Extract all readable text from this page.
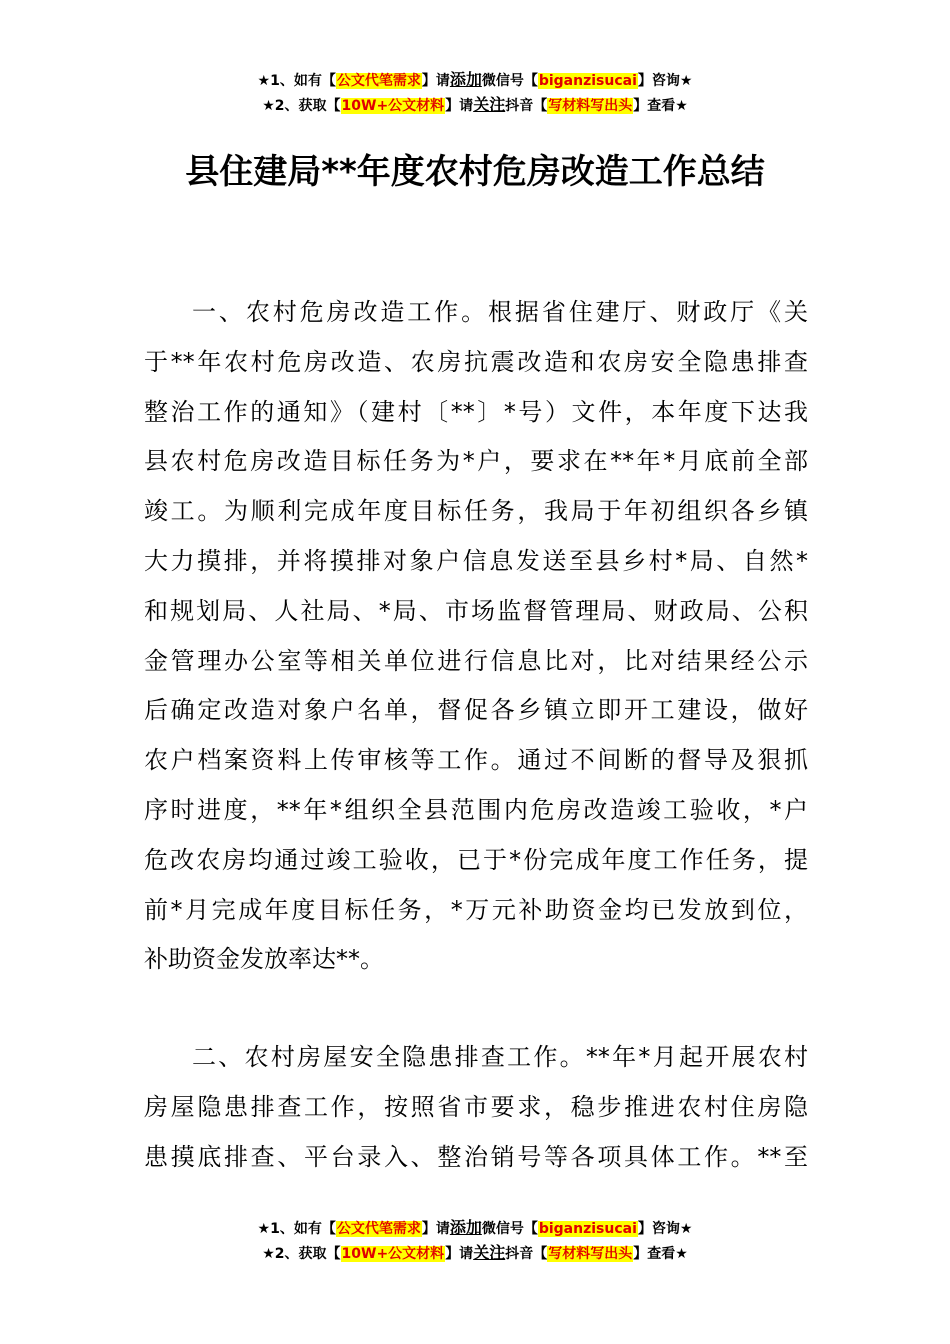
★1、如有【公文代笔需求】请添加微信号【biganzisucai】咨询★
★2、获取【10W+公文材料】请关注抖音【写材料写出头】查看★
县住建局**年度农村危房改造工作总结
一、农村危房改造工作。根据省住建厅、财政厅《关
于**年农村危房改造、农房抗震改造和农房安全隐患排查
整治工作的通知》（建村〔**〕*号）文件，本年度下达我
县农村危房改造目标任务为*户，要求在**年*月底前全部
竣工。为顺利完成年度目标任务，我局于年初组织各乡镇
大力摸排，并将摸排对象户信息发送至县乡村*局、自然*
和规划局、人社局、*局、市场监督管理局、财政局、公积
金管理办公室等相关单位进行信息比对，比对结果经公示
后确定改造对象户名单，督促各乡镇立即开工建设，做好
农户档案资料上传审核等工作。通过不间断的督导及狠抓
序时进度，**年*组织全县范围内危房改造竣工验收，*户
危改农房均通过竣工验收，已于*份完成年度工作任务，提
前*月完成年度目标任务，*万元补助资金均已发放到位，
补助资金发放率达**。
二、农村房屋安全隐患排查工作。**年*月起开展农村
房屋隐患排查工作，按照省市要求，稳步推进农村住房隐
患摸底排查、平台录入、整治销号等各项具体工作。**至
★1、如有【公文代笔需求】请添加微信号【biganzisucai】咨询★
★2、获取【10W+公文材料】请关注抖音【写材料写出头】查看★
